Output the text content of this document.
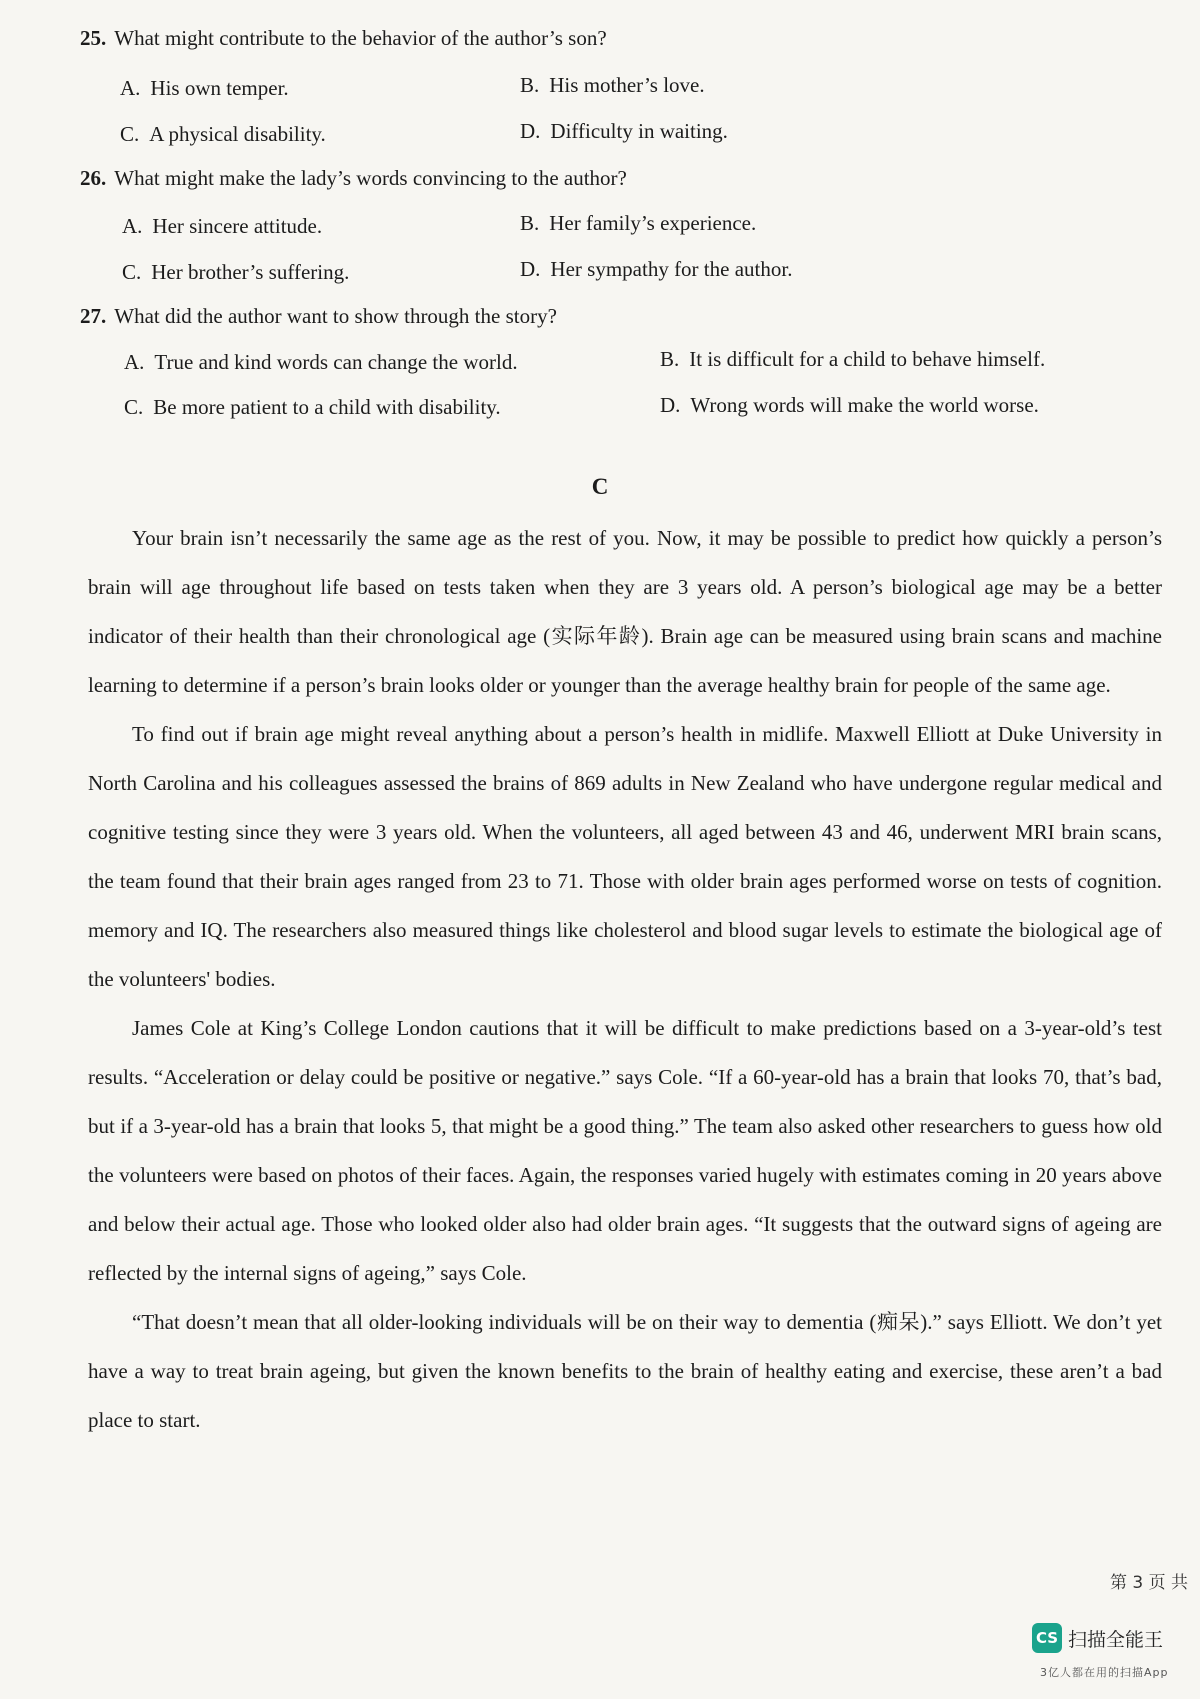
25. What might contribute to the behavior of the author’s son?
A. His own temper.	B. His mother’s love.
C. A physical disability.	D. Difficulty in waiting.
26. What might make the lady’s words convincing to the author?
A. Her sincere attitude.	B. Her family’s experience.
C. Her brother’s suffering.	D. Her sympathy for the author.
27. What did the author want to show through the story?
A. True and kind words can change the world.	B. It is difficult for a child to behave himself.
C. Be more patient to a child with disability.	D. Wrong words will make the world worse.
C

Your brain isn’t necessarily the same age as the rest of you. Now, it may be possible to predict how quickly a person’s brain will age throughout life based on tests taken when they are 3 years old. A person’s biological age may be a better indicator of their health than their chronological age (实际年龄). Brain age can be measured using brain scans and machine learning to determine if a person’s brain looks older or younger than the average healthy brain for people of the same age.

To find out if brain age might reveal anything about a person’s health in midlife. Maxwell Elliott at Duke University in North Carolina and his colleagues assessed the brains of 869 adults in New Zealand who have undergone regular medical and cognitive testing since they were 3 years old. When the volunteers, all aged between 43 and 46, underwent MRI brain scans, the team found that their brain ages ranged from 23 to 71. Those with older brain ages performed worse on tests of cognition. memory and IQ. The researchers also measured things like cholesterol and blood sugar levels to estimate the biological age of the volunteers' bodies.

James Cole at King’s College London cautions that it will be difficult to make predictions based on a 3-year-old’s test results. “Acceleration or delay could be positive or negative.” says Cole. “If a 60-year-old has a brain that looks 70, that’s bad, but if a 3-year-old has a brain that looks 5, that might be a good thing.” The team also asked other researchers to guess how old the volunteers were based on photos of their faces. Again, the responses varied hugely with estimates coming in 20 years above and below their actual age. Those who looked older also had older brain ages. “It suggests that the outward signs of ageing are reflected by the internal signs of ageing,” says Cole.

“That doesn’t mean that all older-looking individuals will be on their way to dementia (痴呆).” says Elliott. We don’t yet have a way to treat brain ageing, but given the known benefits to the brain of healthy eating and exercise, these aren’t a bad place to start.

第 3 页 共
CS 扫描全能王
3亿人都在用的扫描App
